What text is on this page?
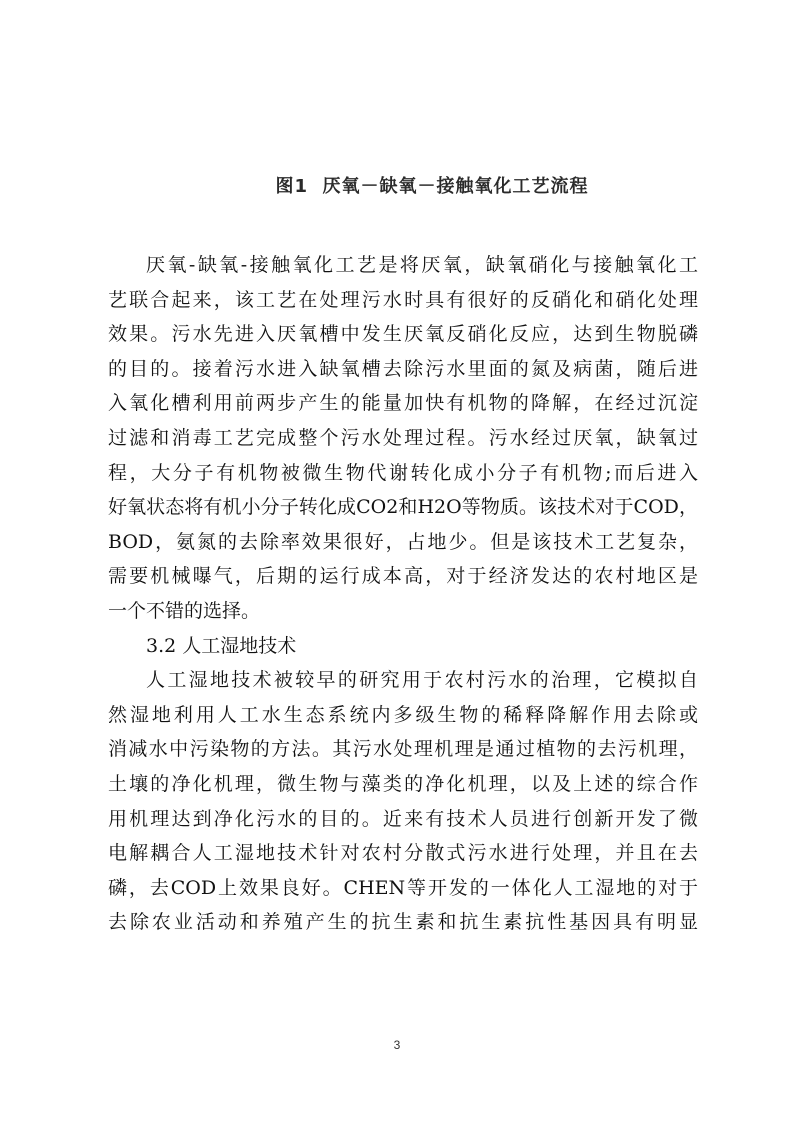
图1  厌氧－缺氧－接触氧化工艺流程
厌氧-缺氧-接触氧化工艺是将厌氧，缺氧硝化与接触氧化工
艺联合起来，该工艺在处理污水时具有很好的反硝化和硝化处理
效果。污水先进入厌氧槽中发生厌氧反硝化反应，达到生物脱磷
的目的。接着污水进入缺氧槽去除污水里面的氮及病菌，随后进
入氧化槽利用前两步产生的能量加快有机物的降解，在经过沉淀
过滤和消毒工艺完成整个污水处理过程。污水经过厌氧，缺氧过
程，大分子有机物被微生物代谢转化成小分子有机物;而后进入
好氧状态将有机小分子转化成CO2和H2O等物质。该技术对于COD，
BOD，氨氮的去除率效果很好，占地少。但是该技术工艺复杂，
需要机械曝气，后期的运行成本高，对于经济发达的农村地区是
一个不错的选择。
3.2 人工湿地技术
人工湿地技术被较早的研究用于农村污水的治理，它模拟自
然湿地利用人工水生态系统内多级生物的稀释降解作用去除或
消减水中污染物的方法。其污水处理机理是通过植物的去污机理，
土壤的净化机理，微生物与藻类的净化机理，以及上述的综合作
用机理达到净化污水的目的。近来有技术人员进行创新开发了微
电解耦合人工湿地技术针对农村分散式污水进行处理，并且在去
磷，去COD上效果良好。CHEN等开发的一体化人工湿地的对于
去除农业活动和养殖产生的抗生素和抗生素抗性基因具有明显
3
